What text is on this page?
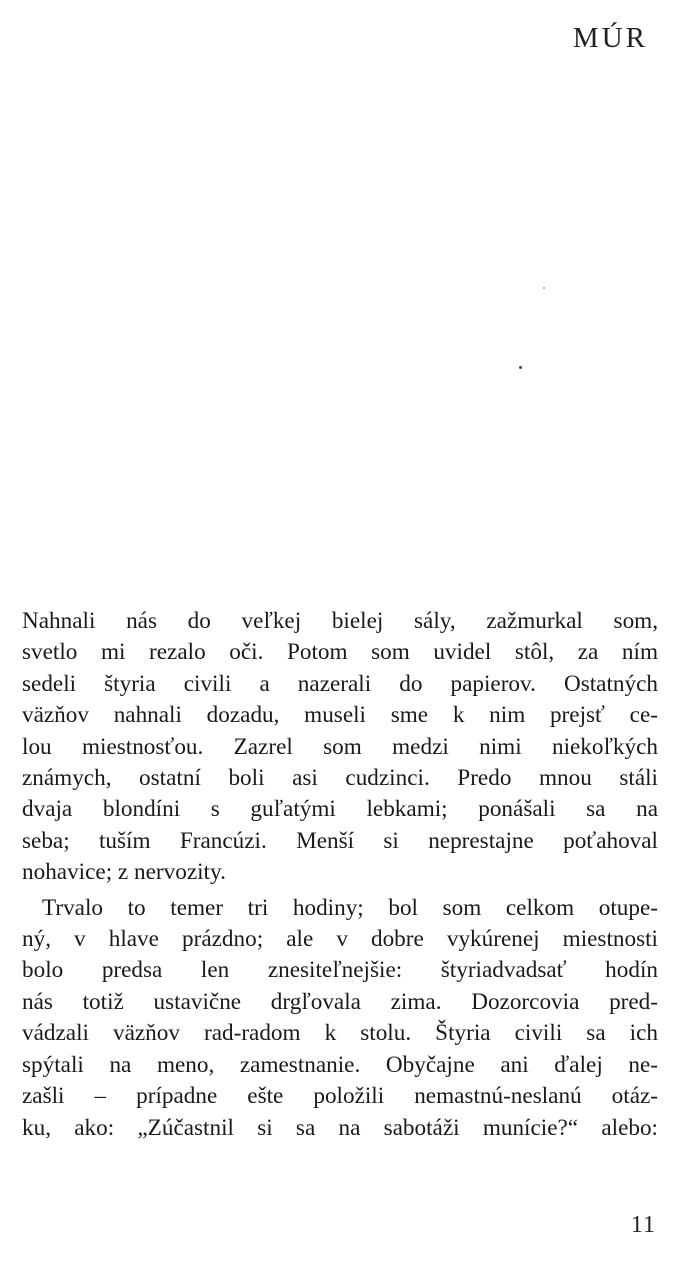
MÚR

Nahnali nás do veľkej bielej sály, zažmurkal som,
svetlo mi rezalo oči. Potom som uvidel stôl, za ním
sedeli štyria civili a nazerali do papierov. Ostatných
väzňov nahnali dozadu, museli sme k nim prejsť ce-
lou miestnosťou. Zazrel som medzi nimi niekoľkých
známych, ostatní boli asi cudzinci. Predo mnou stáli
dvaja blondíni s guľatými lebkami; ponášali sa na
seba; tuším Francúzi. Menší si neprestajne poťahoval
nohavice; z nervozity.

Trvalo to temer tri hodiny; bol som celkom otupe-
ný, v hlave prázdno; ale v dobre vykúrenej miestnosti
bolo predsa len znesiteľnejšie: štyriadvadsať hodín
nás totiž ustavične drgľovala zima. Dozorcovia pred-
vádzali väzňov rad-radom k stolu. Štyria civili sa ich
spýtali na meno, zamestnanie. Obyčajne ani ďalej ne-
zašli – prípadne ešte položili nemastnú-neslanú otáz-
ku, ako: „Zúčastnil si sa na sabotáži munície?“ alebo:

11
